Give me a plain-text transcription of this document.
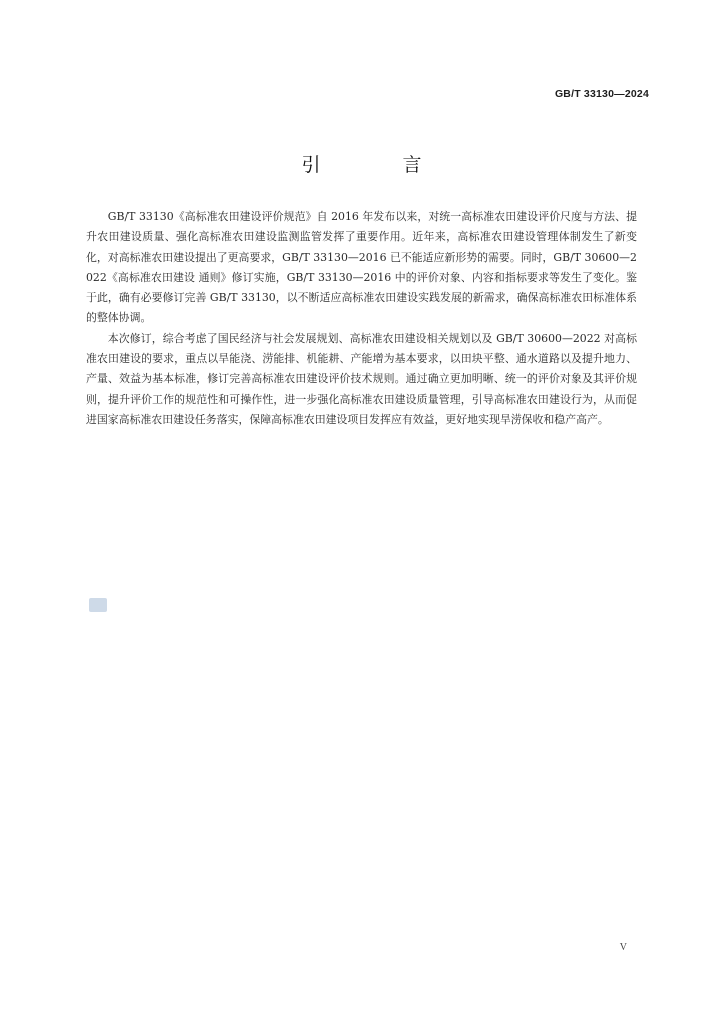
GB/T 33130—2024
引 言

GB/T 33130《高标准农田建设评价规范》自 2016 年发布以来，对统一高标准农田建设评价尺度与方法、提升农田建设质量、强化高标准农田建设监测监管发挥了重要作用。近年来，高标准农田建设管理体制发生了新变化，对高标准农田建设提出了更高要求，GB/T 33130—2016 已不能适应新形势的需要。同时，GB/T 30600—2022《高标准农田建设 通则》修订实施，GB/T 33130—2016 中的评价对象、内容和指标要求等发生了变化。鉴于此，确有必要修订完善 GB/T 33130，以不断适应高标准农田建设实践发展的新需求，确保高标准农田标准体系的整体协调。

本次修订，综合考虑了国民经济与社会发展规划、高标准农田建设相关规划以及 GB/T 30600—2022 对高标准农田建设的要求，重点以旱能浇、涝能排、机能耕、产能增为基本要求，以田块平整、通水道路以及提升地力、产量、效益为基本标准，修订完善高标准农田建设评价技术规则。通过确立更加明晰、统一的评价对象及其评价规则，提升评价工作的规范性和可操作性，进一步强化高标准农田建设质量管理，引导高标准农田建设行为，从而促进国家高标准农田建设任务落实，保障高标准农田建设项目发挥应有效益，更好地实现旱涝保收和稳产高产。

V
